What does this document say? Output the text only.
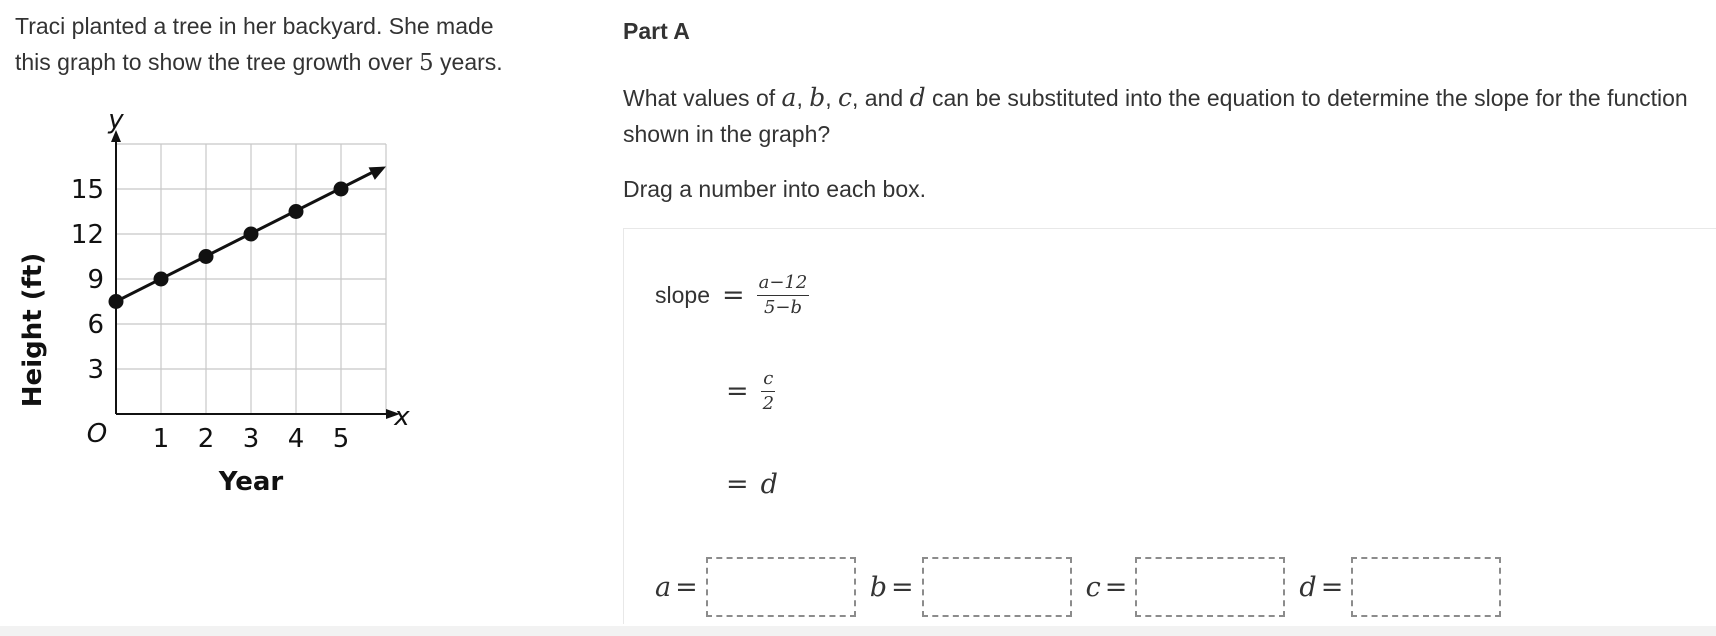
Traci planted a tree in her backyard. She made
this graph to show the tree growth over 5 years.

1 2 3 4 5
3
6
9
12
15
y
x
O
Height (ft)
Year
Part A
What values of a, b, c, and d can be substituted into the equation to determine the slope for the function shown in the graph?
Drag a number into each box.
slope = $\frac{a-12}{5-b}$
= $\frac{c}{2}$
= d
a =	b =	c =	d =
